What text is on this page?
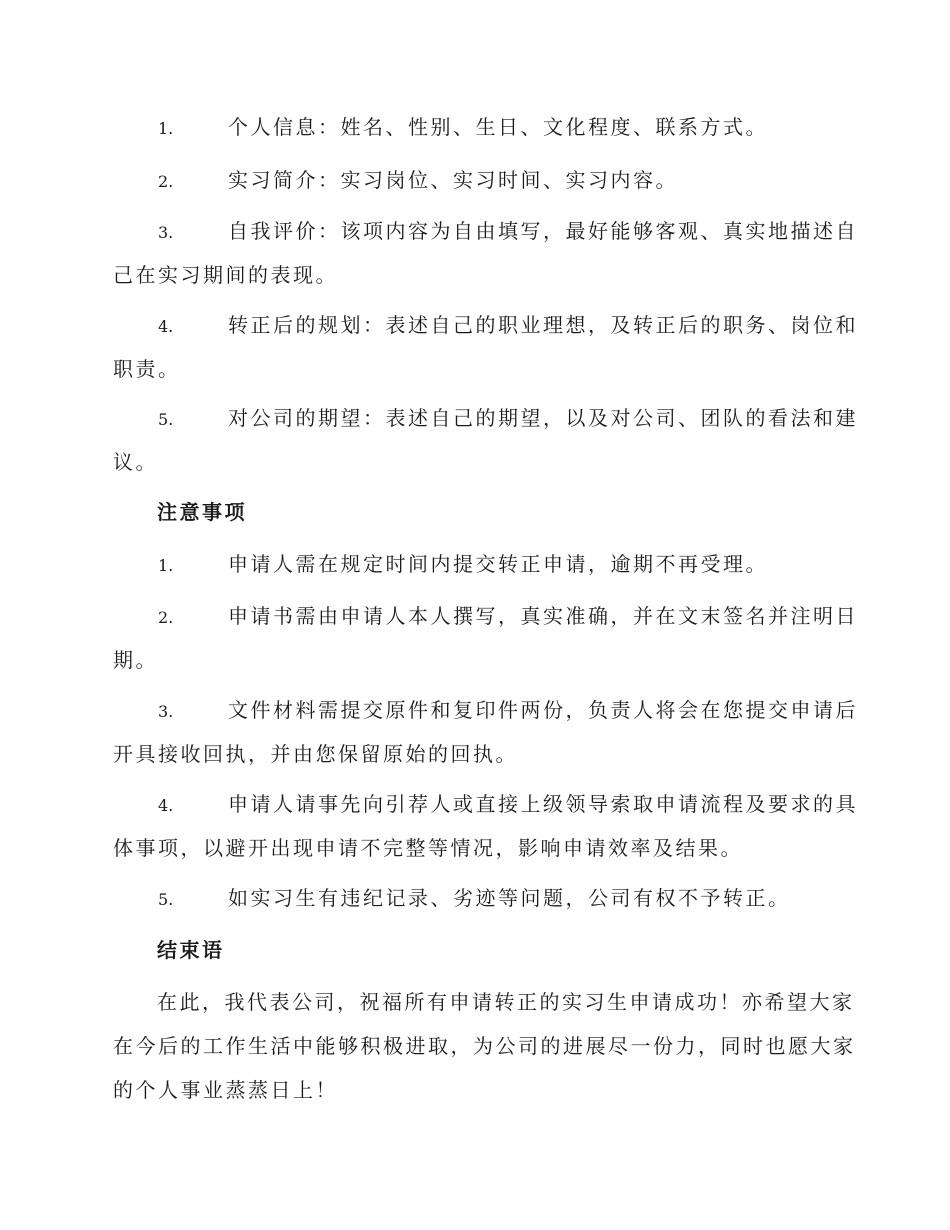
1.	个人信息：姓名、性别、生日、文化程度、联系方式。
2.	实习简介：实习岗位、实习时间、实习内容。
3.	自我评价：该项内容为自由填写，最好能够客观、真实地描述自
己在实习期间的表现。
4.	转正后的规划：表述自己的职业理想，及转正后的职务、岗位和
职责。
5.	对公司的期望：表述自己的期望，以及对公司、团队的看法和建
议。
注意事项
1.	申请人需在规定时间内提交转正申请，逾期不再受理。
2.	申请书需由申请人本人撰写，真实准确，并在文末签名并注明日
期。
3.	文件材料需提交原件和复印件两份，负责人将会在您提交申请后
开具接收回执，并由您保留原始的回执。
4.	申请人请事先向引荐人或直接上级领导索取申请流程及要求的具
体事项，以避开出现申请不完整等情况，影响申请效率及结果。
5.	如实习生有违纪记录、劣迹等问题，公司有权不予转正。
结束语
在此，我代表公司，祝福所有申请转正的实习生申请成功！亦希望大家
在今后的工作生活中能够积极进取，为公司的进展尽一份力，同时也愿大家
的个人事业蒸蒸日上！
